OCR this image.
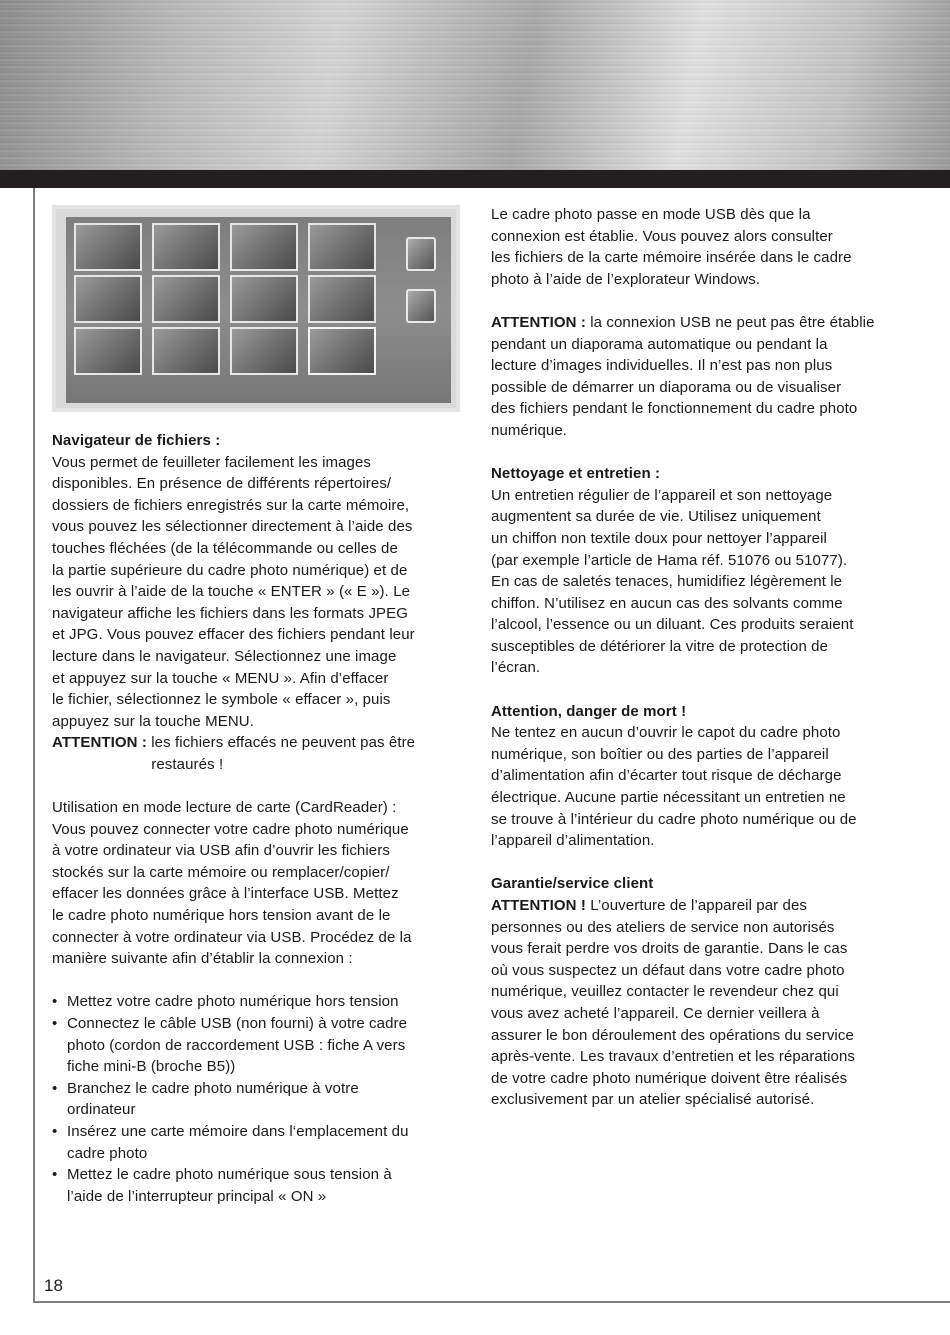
Navigateur de fichiers :

Vous permet de feuilleter facilement les images

disponibles. En présence de différents répertoires/

dossiers de fichiers enregistrés sur la carte mémoire,

vous pouvez les sélectionner directement à l’aide des

touches fléchées (de la télécommande ou celles de

la partie supérieure du cadre photo numérique) et de

les ouvrir à l’aide de la touche « ENTER » (« E »). Le

navigateur affiche les fichiers dans les formats JPEG

et JPG. Vous pouvez effacer des fichiers pendant leur

lecture dans le navigateur. Sélectionnez une image

et appuyez sur la touche « MENU ». Afin d’effacer

le fichier, sélectionnez le symbole « effacer », puis

appuyez sur la touche MENU.

ATTENTION : les fichiers effacés ne peuvent pas être
restaurés !

Utilisation en mode lecture de carte (CardReader) :

Vous pouvez connecter votre cadre photo numérique

à votre ordinateur via USB afin d’ouvrir les fichiers

stockés sur la carte mémoire ou remplacer/copier/

effacer les données grâce à l’interface USB. Mettez

le cadre photo numérique hors tension avant de le

connecter à votre ordinateur via USB. Procédez de la

manière suivante afin d’établir la connexion :

• Mettez votre cadre photo numérique hors tension
• Connectez le câble USB (non fourni) à votre cadre
photo (cordon de raccordement USB : fiche A vers
fiche mini-B (broche B5))
• Branchez le cadre photo numérique à votre
ordinateur
• Insérez une carte mémoire dans l‘emplacement du
cadre photo
• Mettez le cadre photo numérique sous tension à
l’aide de l’interrupteur principal « ON »

Le cadre photo passe en mode USB dès que la

connexion est établie. Vous pouvez alors consulter

les fichiers de la carte mémoire insérée dans le cadre

photo à l’aide de l’explorateur Windows.

ATTENTION : la connexion USB ne peut pas être établie

pendant un diaporama automatique ou pendant la

lecture d’images individuelles. Il n’est pas non plus

possible de démarrer un diaporama ou de visualiser

des fichiers pendant le fonctionnement du cadre photo

numérique.

Nettoyage et entretien :

Un entretien régulier de l’appareil et son nettoyage

augmentent sa durée de vie. Utilisez uniquement

un chiffon non textile doux pour nettoyer l’appareil

(par exemple l’article de Hama réf. 51076 ou 51077).

En cas de saletés tenaces, humidifiez légèrement le

chiffon. N’utilisez en aucun cas des solvants comme

l’alcool, l’essence ou un diluant. Ces produits seraient

susceptibles de détériorer la vitre de protection de

l’écran.

Attention, danger de mort !

Ne tentez en aucun d’ouvrir le capot du cadre photo

numérique, son boîtier ou des parties de l’appareil

d’alimentation afin d’écarter tout risque de décharge

électrique. Aucune partie nécessitant un entretien ne

se trouve à l’intérieur du cadre photo numérique ou de

l’appareil d’alimentation.

Garantie/service client

ATTENTION ! L’ouverture de l’appareil par des

personnes ou des ateliers de service non autorisés

vous ferait perdre vos droits de garantie. Dans le cas

où vous suspectez un défaut dans votre cadre photo

numérique, veuillez contacter le revendeur chez qui

vous avez acheté l’appareil. Ce dernier veillera à

assurer le bon déroulement des opérations du service

après-vente. Les travaux d’entretien et les réparations

de votre cadre photo numérique doivent être réalisés

exclusivement par un atelier spécialisé autorisé.

18
